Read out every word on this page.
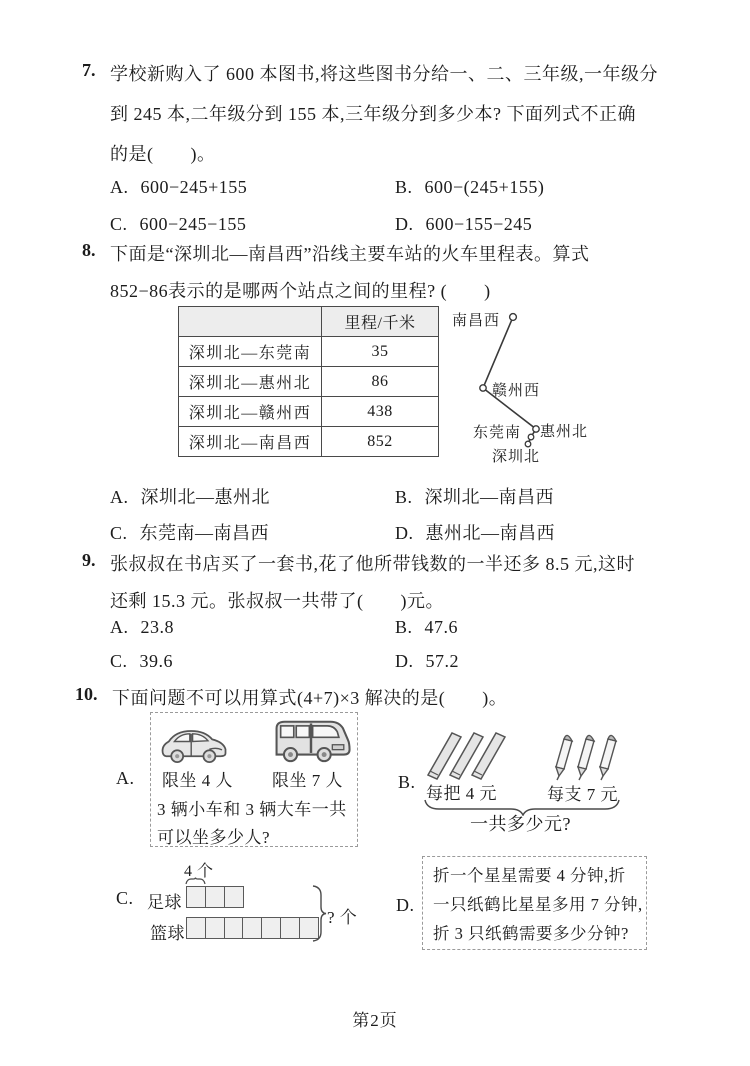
7. 学校新购入了 600 本图书,将这些图书分给一、二、三年级,一年级分
到 245 本,二年级分到 155 本,三年级分到多少本? 下面列式不正确
的是(　　)。
A. 600−245+155	B. 600−(245+155)
C. 600−245−155	D. 600−155−245
8. 下面是“深圳北—南昌西”沿线主要车站的火车里程表。算式
852−86表示的是哪两个站点之间的里程? (　　)
	里程/千米
深圳北—东莞南	35
深圳北—惠州北	86
深圳北—赣州西	438
深圳北—南昌西	852
南昌西
赣州西
东莞南 惠州北
深圳北
A. 深圳北—惠州北	B. 深圳北—南昌西
C. 东莞南—南昌西	D. 惠州北—南昌西
9. 张叔叔在书店买了一套书,花了他所带钱数的一半还多 8.5 元,这时
还剩 15.3 元。张叔叔一共带了(　　)元。
A. 23.8	B. 47.6
C. 39.6	D. 57.2
10. 下面问题不可以用算式(4+7)×3 解决的是(　　)。
A. 限坐 4 人 限坐 7 人
3 辆小车和 3 辆大车一共
可以坐多少人?
B.
每把 4 元	每支 7 元
一共多少元?
C.
4 个
足球
篮球
? 个
D.
折一个星星需要 4 分钟,折
一只纸鹤比星星多用 7 分钟,
折 3 只纸鹤需要多少分钟?
第2页
